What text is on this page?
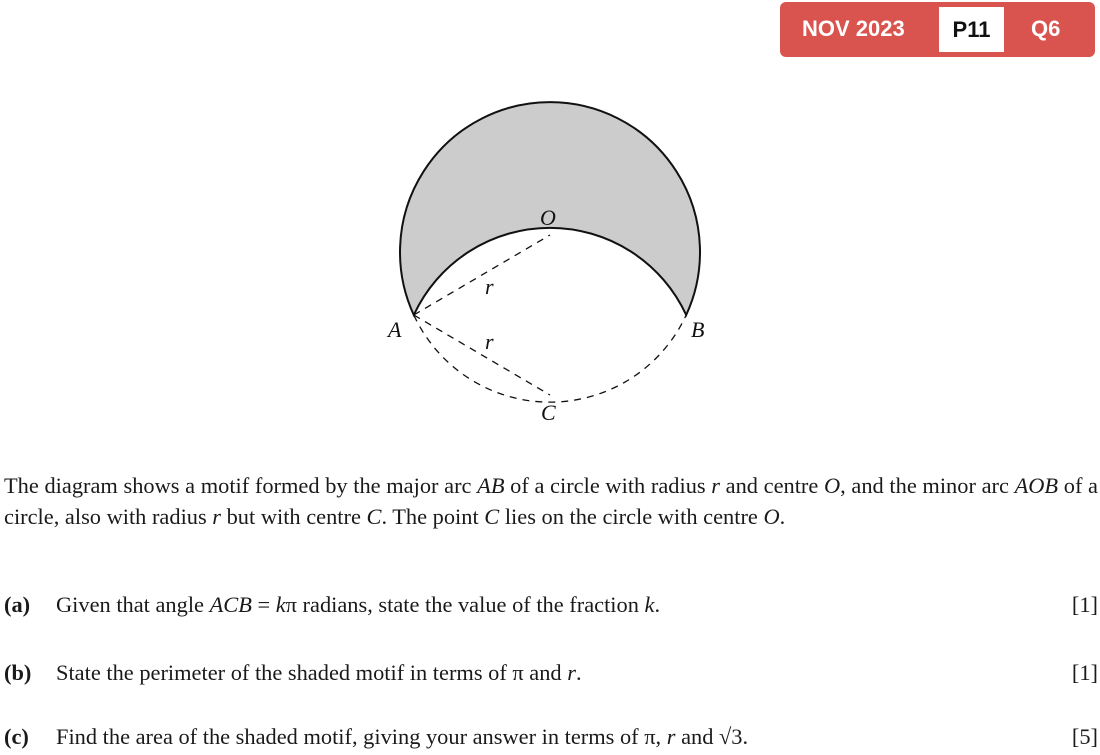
NOV 2023	P11	Q6
O
A	B
C
r
r
The diagram shows a motif formed by the major arc AB of a circle with radius r and centre O, and the minor arc AOB of a circle, also with radius r but with centre C. The point C lies on the circle with centre O.
(a) Given that angle ACB = kπ radians, state the value of the fraction k.	[1]
(b) State the perimeter of the shaded motif in terms of π and r.	[1]
(c) Find the area of the shaded motif, giving your answer in terms of π, r and √3.	[5]
